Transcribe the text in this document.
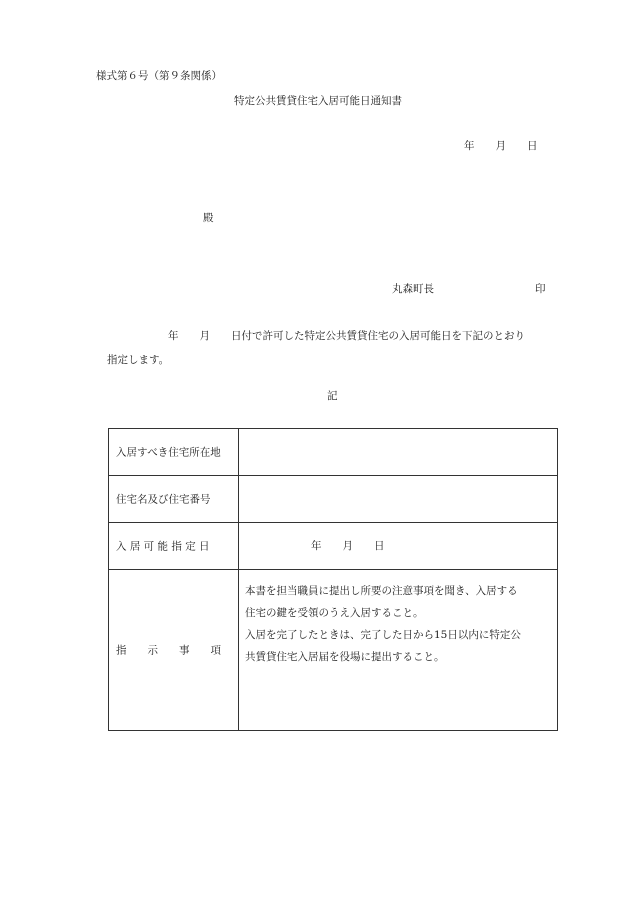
様式第６号（第９条関係）
特定公共賃貸住宅入居可能日通知書
年　　月　　日
殿
丸森町長	印
年　　月　　日付で許可した特定公共賃貸住宅の入居可能日を下記のとおり
指定します。
記
入居すべき住宅所在地
住宅名及び住宅番号
入 居 可 能 指 定 日	年　　月　　日
指　　示　　事　　項
本書を担当職員に提出し所要の注意事項を聞き、入居する
住宅の鍵を受領のうえ入居すること。
入居を完了したときは、完了した日から15日以内に特定公
共賃貸住宅入居届を役場に提出すること。
